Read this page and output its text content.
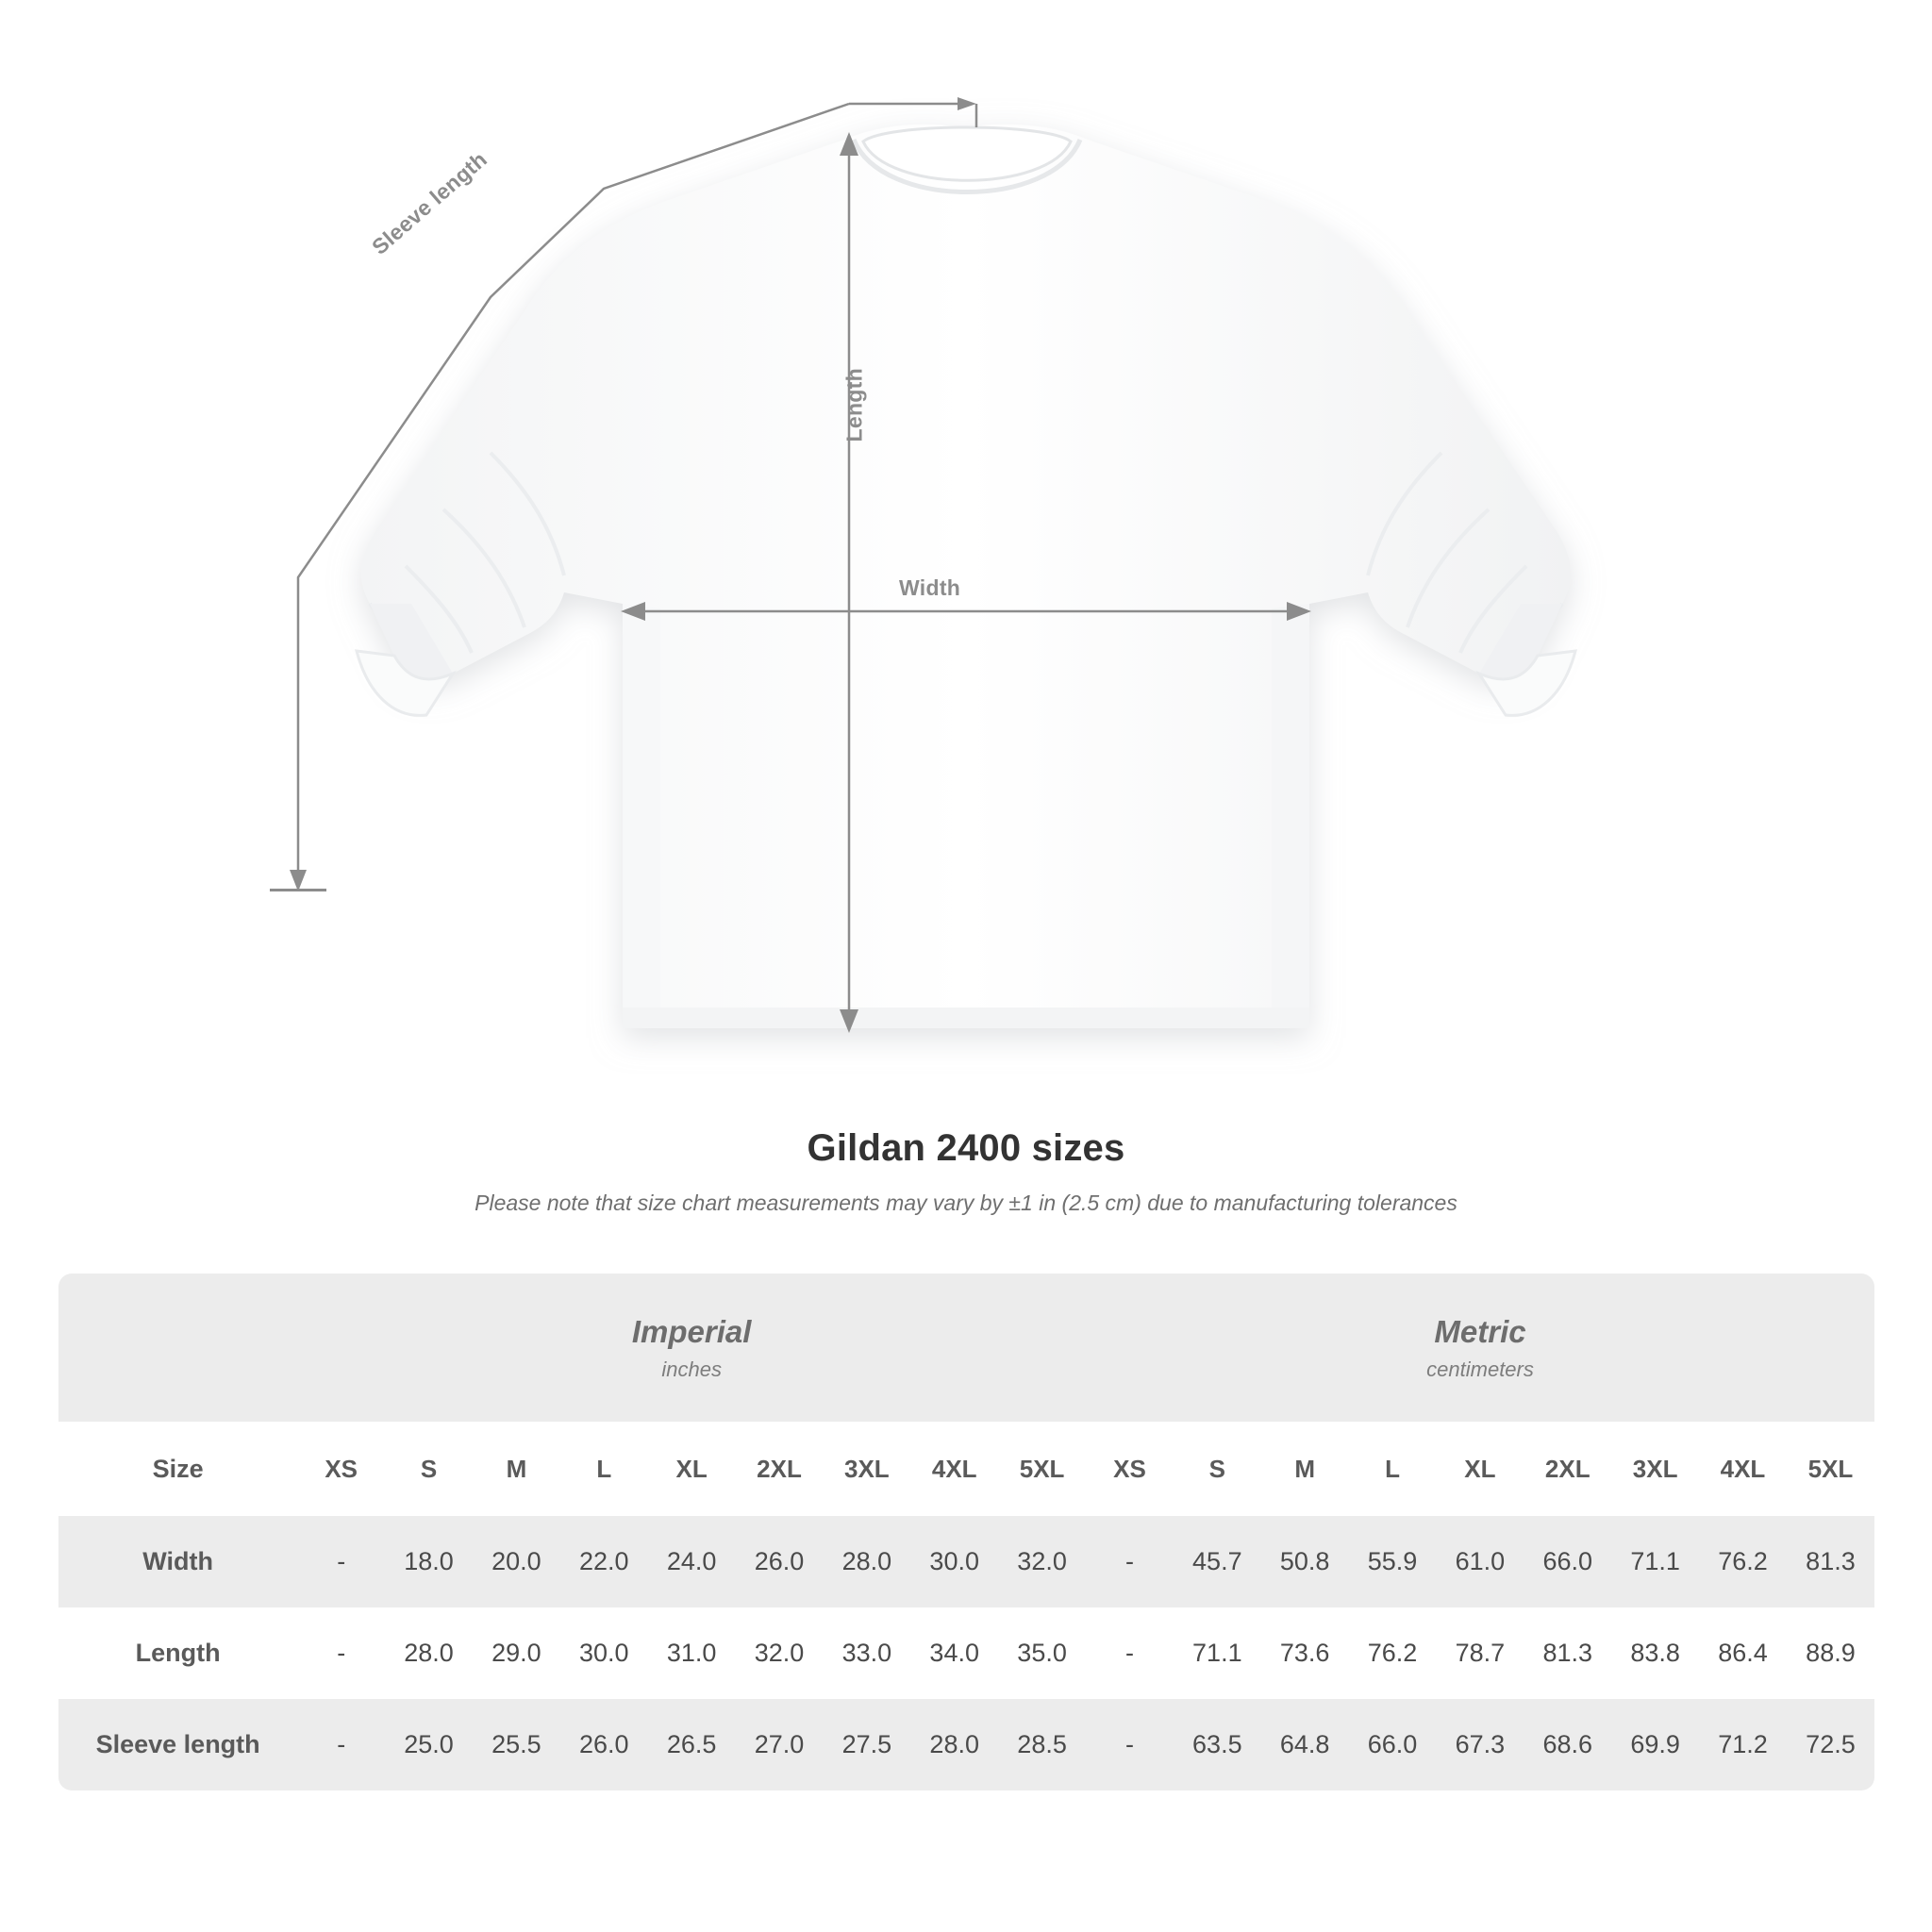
Sleeve length
Length
Width
Gildan 2400 sizes
Please note that size chart measurements may vary by ±1 in (2.5 cm) due to manufacturing tolerances

	Imperial
inches									Metric
centimeters								

Size	XS	S	M	L	XL	2XL	3XL	4XL	5XL	XS	S	M	L	XL	2XL	3XL	4XL	5XL
Width	-	18.0	20.0	22.0	24.0	26.0	28.0	30.0	32.0	-	45.7	50.8	55.9	61.0	66.0	71.1	76.2	81.3
Length	-	28.0	29.0	30.0	31.0	32.0	33.0	34.0	35.0	-	71.1	73.6	76.2	78.7	81.3	83.8	86.4	88.9
Sleeve length	-	25.0	25.5	26.0	26.5	27.0	27.5	28.0	28.5	-	63.5	64.8	66.0	67.3	68.6	69.9	71.2	72.5
